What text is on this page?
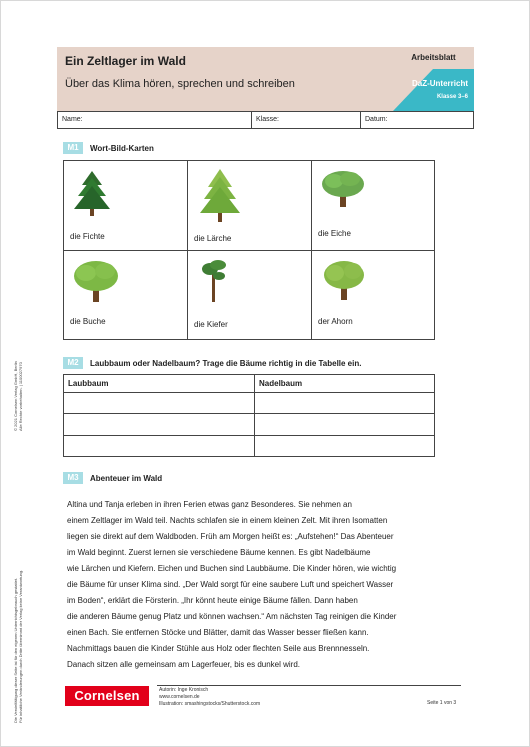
Ein Zeltlager im Wald
Über das Klima hören, sprechen und schreiben
Arbeitsblatt
DaZ-Unterricht
Klasse 3–6
Name:	Klasse:	Datum:
M1	Wort-Bild-Karten
die Fichte	die Lärche
die Eiche
die Buche	die Kiefer	der Ahorn
M2	Laubbaum oder Nadelbaum? Trage die Bäume richtig in die Tabelle ein.
Laubbaum	Nadelbaum
M3	Abenteuer im Wald
Altina und Tanja erleben in ihren Ferien etwas ganz Besonderes. Sie nehmen an
einem Zeltlager im Wald teil. Nachts schlafen sie in einem kleinen Zelt. Mit ihren Isomatten
liegen sie direkt auf dem Waldboden. Früh am Morgen heißt es: „Aufstehen!“ Das Abenteuer
im Wald beginnt. Zuerst lernen sie verschiedene Bäume kennen. Es gibt Nadelbäume
wie Lärchen und Kiefern. Eichen und Buchen sind Laubbäume. Die Kinder hören, wie wichtig
die Bäume für unser Klima sind. „Der Wald sorgt für eine saubere Luft und speichert Wasser
im Boden“, erklärt die Försterin. „Ihr könnt heute einige Bäume fällen. Dann haben
die anderen Bäume genug Platz und können wachsen.“ Am nächsten Tag reinigen die Kinder
einen Bach. Sie entfernen Stöcke und Blätter, damit das Wasser besser fließen kann.
Nachmittags bauen die Kinder Stühle aus Holz oder flechten Seile aus Brennnesseln.
Danach sitzen alle gemeinsam am Lagerfeuer, bis es dunkel wird.
Cornelsen	Autorin: Inge Kronisch
www.cornelsen.de
Illustration: smashingstocks/Shutterstock.com	Seite 1 von 3
© 2021 Cornelsen Verlag GmbH, Berlin Alle Rechte vorbehalten. | 1100027970
Die Vervielfältigung dieser Seite ist für den eigenen Unterrichtsgebrauch gestattet. Für inhaltliche Veränderungen durch Dritte übernimmt der Verlag keine Verantwortung.
